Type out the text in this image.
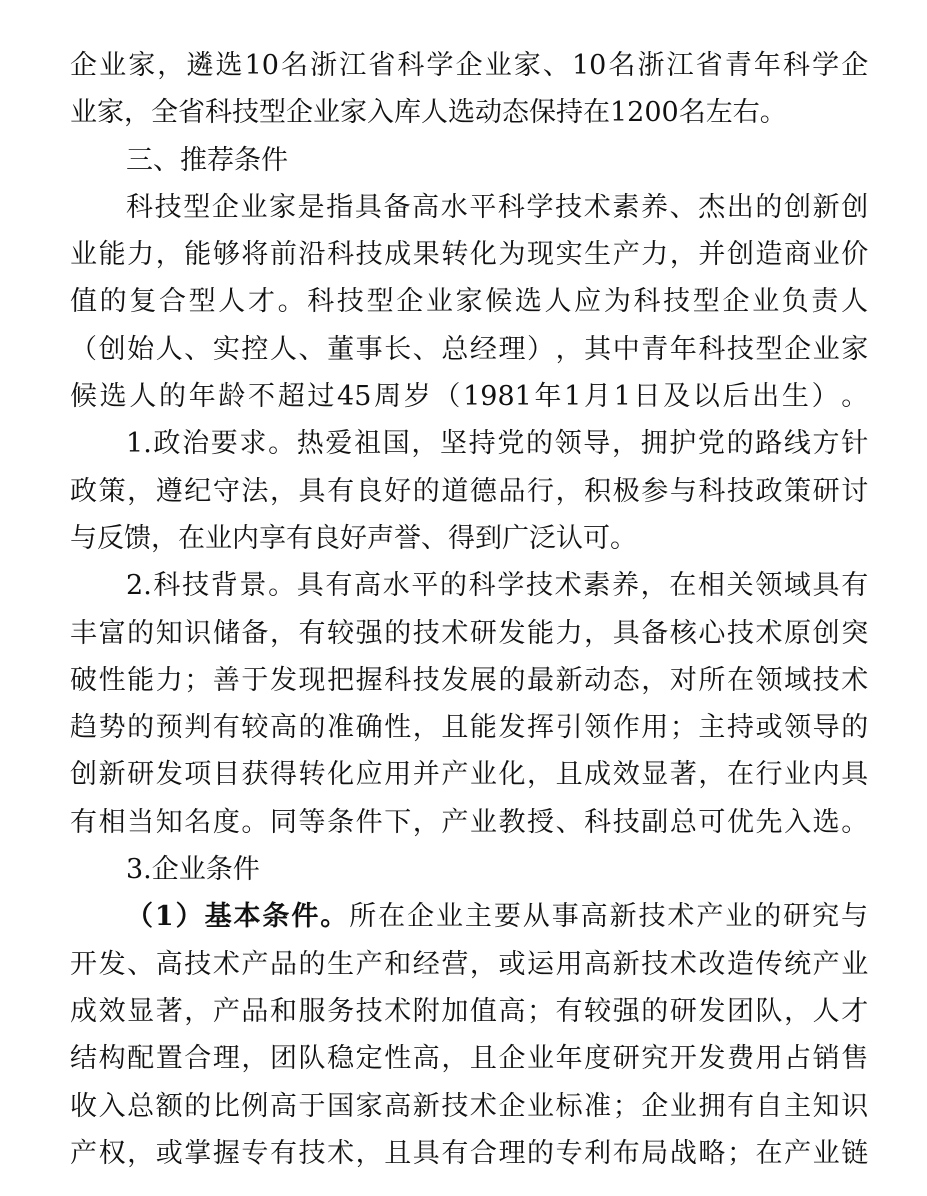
企业家，遴选10名浙江省科学企业家、10名浙江省青年科学企
业家，全省科技型企业家入库人选动态保持在1200名左右。
三、推荐条件
科技型企业家是指具备高水平科学技术素养、杰出的创新创
业能力，能够将前沿科技成果转化为现实生产力，并创造商业价
值的复合型人才。科技型企业家候选人应为科技型企业负责人
（创始人、实控人、董事长、总经理），其中青年科技型企业家
候选人的年龄不超过45周岁（1981年1月1日及以后出生）。
1.政治要求。热爱祖国，坚持党的领导，拥护党的路线方针
政策，遵纪守法，具有良好的道德品行，积极参与科技政策研讨
与反馈，在业内享有良好声誉、得到广泛认可。
2.科技背景。具有高水平的科学技术素养，在相关领域具有
丰富的知识储备，有较强的技术研发能力，具备核心技术原创突
破性能力；善于发现把握科技发展的最新动态，对所在领域技术
趋势的预判有较高的准确性，且能发挥引领作用；主持或领导的
创新研发项目获得转化应用并产业化，且成效显著，在行业内具
有相当知名度。同等条件下，产业教授、科技副总可优先入选。
3.企业条件
（1）基本条件。所在企业主要从事高新技术产业的研究与
开发、高技术产品的生产和经营，或运用高新技术改造传统产业
成效显著，产品和服务技术附加值高；有较强的研发团队，人才
结构配置合理，团队稳定性高，且企业年度研究开发费用占销售
收入总额的比例高于国家高新技术企业标准；企业拥有自主知识
产权，或掌握专有技术，且具有合理的专利布局战略；在产业链
